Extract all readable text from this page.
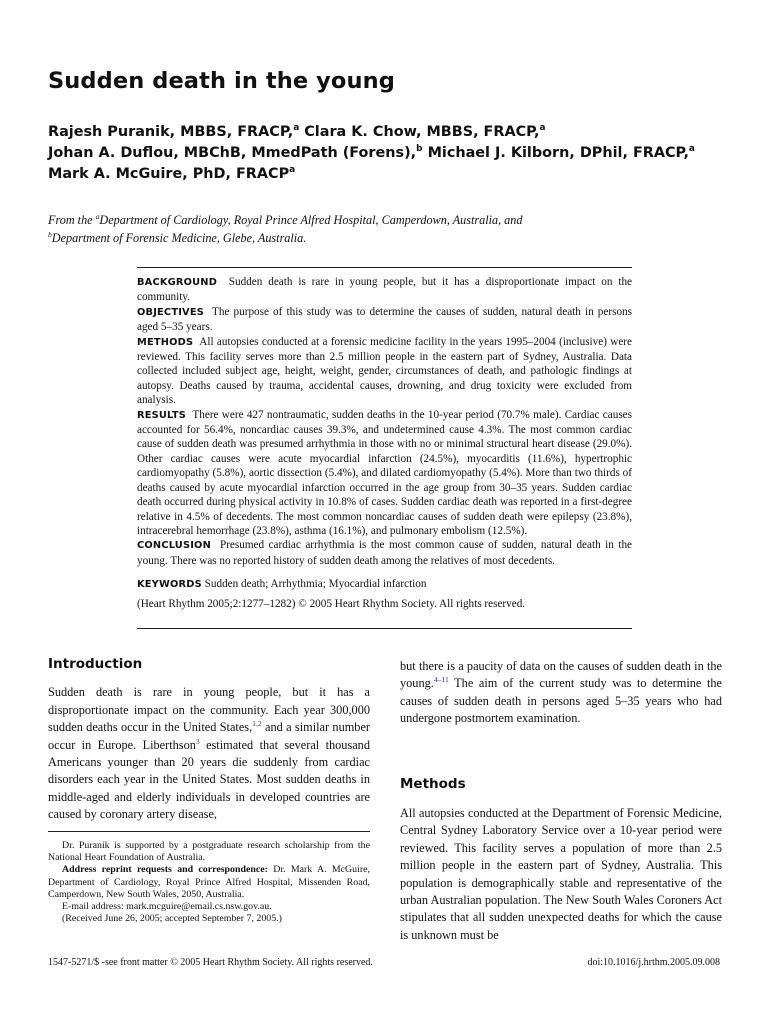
Sudden death in the young
Rajesh Puranik, MBBS, FRACP,$^a$ Clara K. Chow, MBBS, FRACP,$^a$
Johan A. Duflou, MBChB, MmedPath (Forens),$^b$ Michael J. Kilborn, DPhil, FRACP,$^a$
Mark A. McGuire, PhD, FRACP$^a$
From the $^a$Department of Cardiology, Royal Prince Alfred Hospital, Camperdown, Australia, and
$^b$Department of Forensic Medicine, Glebe, Australia.

BACKGROUND Sudden death is rare in young people, but it has a disproportionate impact on the community.

OBJECTIVES The purpose of this study was to determine the causes of sudden, natural death in persons aged 5–35 years.

METHODS All autopsies conducted at a forensic medicine facility in the years 1995–2004 (inclusive) were reviewed. This facility serves more than 2.5 million people in the eastern part of Sydney, Australia. Data collected included subject age, height, weight, gender, circumstances of death, and pathologic findings at autopsy. Deaths caused by trauma, accidental causes, drowning, and drug toxicity were excluded from analysis.

RESULTS There were 427 nontraumatic, sudden deaths in the 10-year period (70.7% male). Cardiac causes accounted for 56.4%, noncardiac causes 39.3%, and undetermined cause 4.3%. The most common cardiac cause of sudden death was presumed arrhythmia in those with no or minimal structural heart disease (29.0%). Other cardiac causes were acute myocardial infarction (24.5%), myocarditis (11.6%), hypertrophic cardiomyopathy (5.8%), aortic dissection (5.4%), and dilated cardiomyopathy (5.4%). More than two thirds of deaths caused by acute myocardial infarction occurred in the age group from 30–35 years. Sudden cardiac death occurred during physical activity in 10.8% of cases. Sudden cardiac death was reported in a first-degree relative in 4.5% of decedents. The most common noncardiac causes of sudden death were epilepsy (23.8%), intracerebral hemorrhage (23.8%), asthma (16.1%), and pulmonary embolism (12.5%).

CONCLUSION Presumed cardiac arrhythmia is the most common cause of sudden, natural death in the young. There was no reported history of sudden death among the relatives of most decedents.

KEYWORDS Sudden death; Arrhythmia; Myocardial infarction

(Heart Rhythm 2005;2:1277–1282) © 2005 Heart Rhythm Society. All rights reserved.

Introduction

Sudden death is rare in young people, but it has a disproportionate impact on the community. Each year 300,000 sudden deaths occur in the United States,$^{1,2}$ and a similar number occur in Europe. Liberthson$^3$ estimated that several thousand Americans younger than 20 years die suddenly from cardiac disorders each year in the United States. Most sudden deaths in middle-aged and elderly individuals in developed countries are caused by coronary artery disease,

Dr. Puranik is supported by a postgraduate research scholarship from the National Heart Foundation of Australia.

Address reprint requests and correspondence: Dr. Mark A. McGuire, Department of Cardiology, Royal Prince Alfred Hospital, Missenden Road, Camperdown, New South Wales, 2050, Australia.

E-mail address: mark.mcguire@email.cs.nsw.gov.au.

(Received June 26, 2005; accepted September 7, 2005.)

but there is a paucity of data on the causes of sudden death in the young.$^{4-11}$ The aim of the current study was to determine the causes of sudden death in persons aged 5–35 years who had undergone postmortem examination.

Methods

All autopsies conducted at the Department of Forensic Medicine, Central Sydney Laboratory Service over a 10-year period were reviewed. This facility serves a population of more than 2.5 million people in the eastern part of Sydney, Australia. This population is demographically stable and representative of the urban Australian population. The New South Wales Coroners Act stipulates that all sudden unexpected deaths for which the cause is unknown must be

1547-5271/$ -see front matter © 2005 Heart Rhythm Society. All rights reserved.	doi:10.1016/j.hrthm.2005.09.008
